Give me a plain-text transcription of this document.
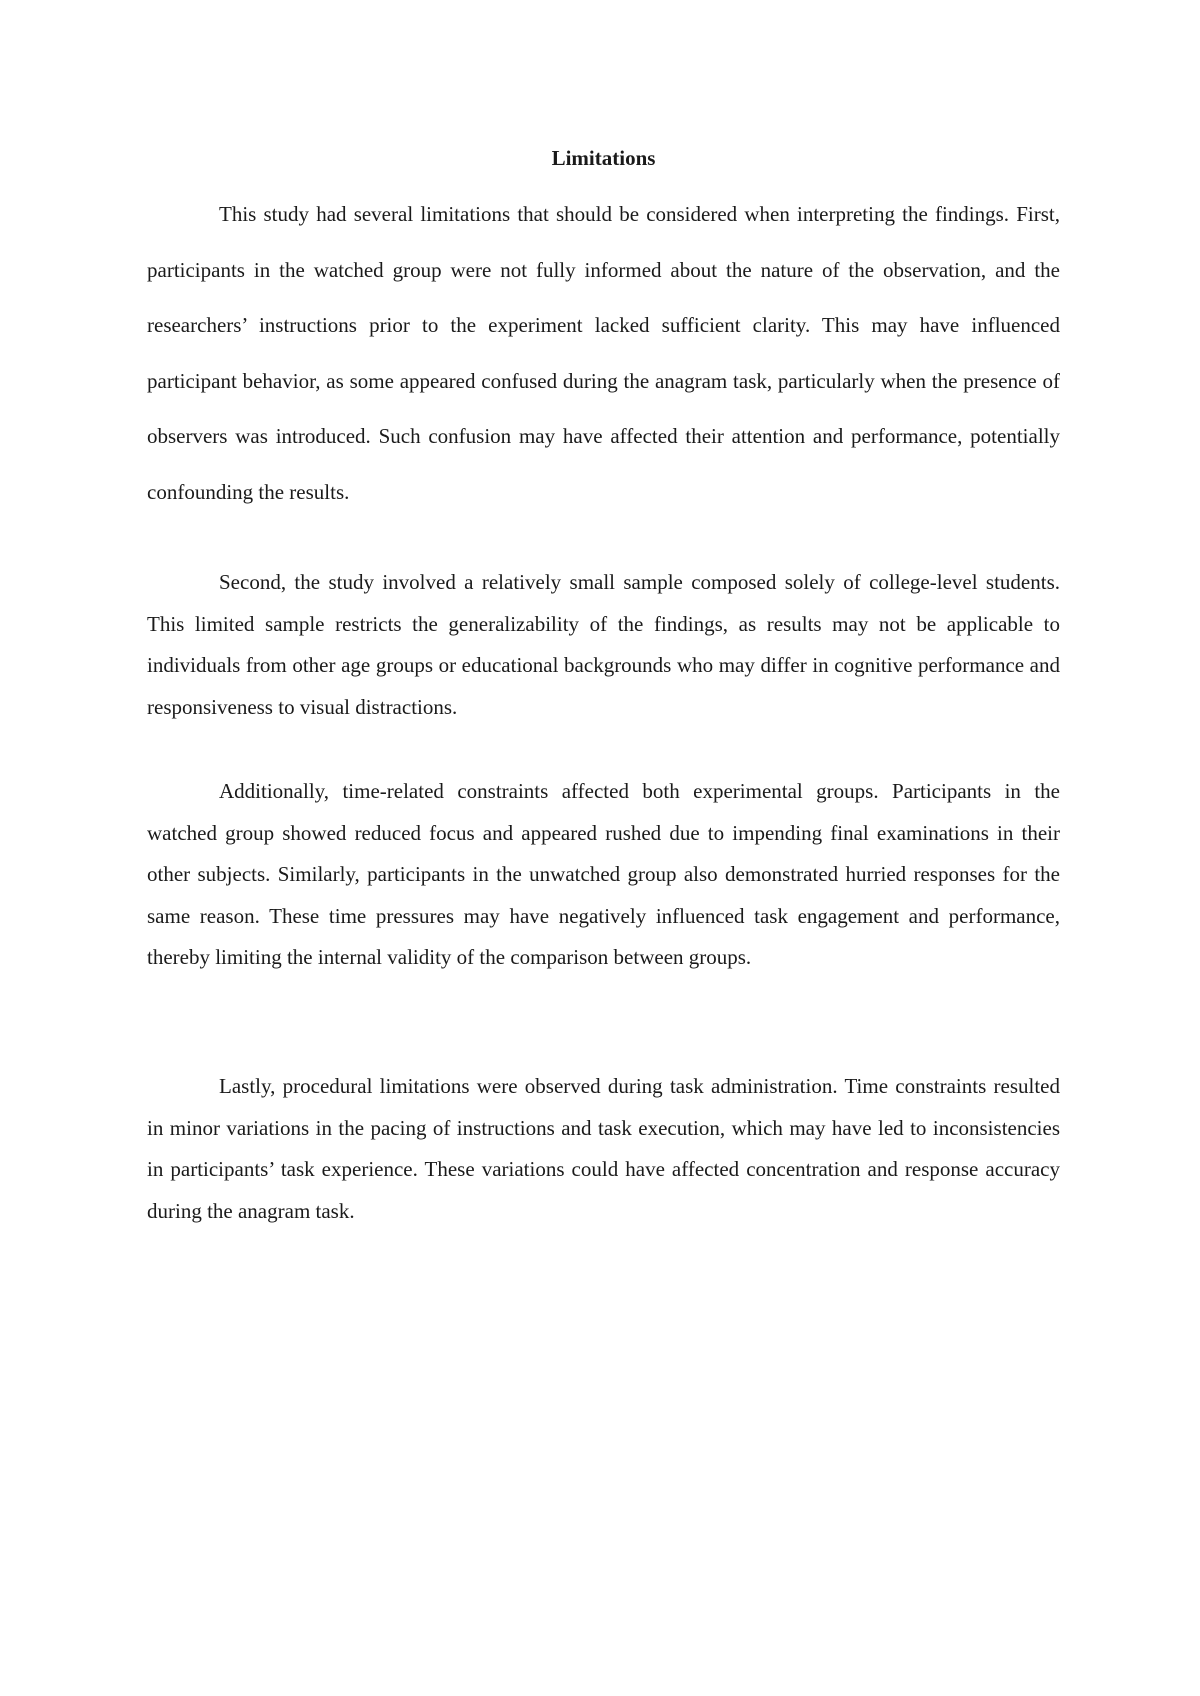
Limitations

This study had several limitations that should be considered when interpreting the findings. First, participants in the watched group were not fully informed about the nature of the observation, and the researchers’ instructions prior to the experiment lacked sufficient clarity. This may have influenced participant behavior, as some appeared confused during the anagram task, particularly when the presence of observers was introduced. Such confusion may have affected their attention and performance, potentially confounding the results.

Second, the study involved a relatively small sample composed solely of college-level students. This limited sample restricts the generalizability of the findings, as results may not be applicable to individuals from other age groups or educational backgrounds who may differ in cognitive performance and responsiveness to visual distractions.

Additionally, time-related constraints affected both experimental groups. Participants in the watched group showed reduced focus and appeared rushed due to impending final examinations in their other subjects. Similarly, participants in the unwatched group also demonstrated hurried responses for the same reason. These time pressures may have negatively influenced task engagement and performance, thereby limiting the internal validity of the comparison between groups.

Lastly, procedural limitations were observed during task administration. Time constraints resulted in minor variations in the pacing of instructions and task execution, which may have led to inconsistencies in participants’ task experience. These variations could have affected concentration and response accuracy during the anagram task.
